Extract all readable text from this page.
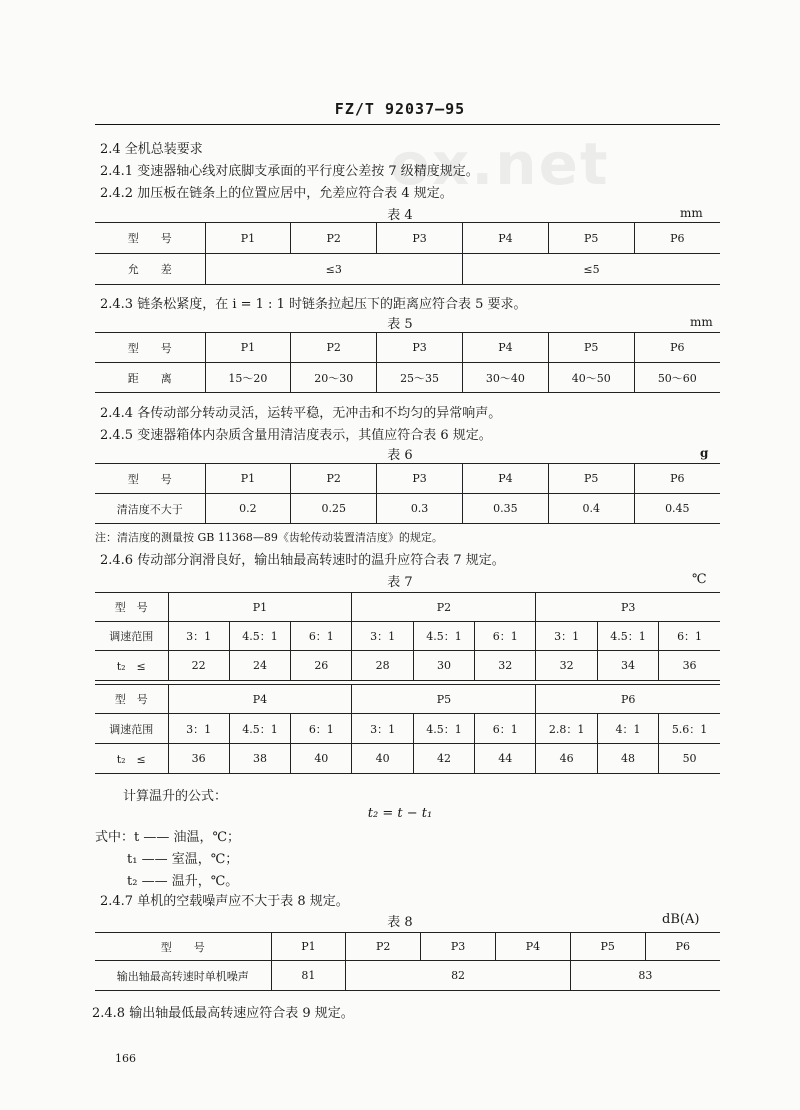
ox.net
FZ/T 92037—95
2.4 全机总装要求
2.4.1 变速器轴心线对底脚支承面的平行度公差按 7 级精度规定。
2.4.2 加压板在链条上的位置应居中，允差应符合表 4 规定。
表 4	mm
型　　号	P1	P2	P3	P4	P5	P6
允　　差	≤3			≤5		
2.4.3 链条松紧度，在 i = 1 : 1 时链条拉起压下的距离应符合表 5 要求。
表 5	mm
型　　号	P1	P2	P3	P4	P5	P6
距　　离	15～20	20～30	25～35	30～40	40～50	50～60
2.4.4 各传动部分转动灵活，运转平稳，无冲击和不均匀的异常响声。
2.4.5 变速器箱体内杂质含量用清洁度表示，其值应符合表 6 规定。
表 6	g
型　　号	P1	P2	P3	P4	P5	P6
清洁度不大于	0.2	0.25	0.3	0.35	0.4	0.45
注：清洁度的测量按 GB 11368—89《齿轮传动装置清洁度》的规定。
2.4.6 传动部分润滑良好，输出轴最高转速时的温升应符合表 7 规定。
表 7	℃
型　号	P1			P2			P3		
调速范围	3：1	4.5：1	6：1	3：1	4.5：1	6：1	3：1	4.5：1	6：1
t₂　≤	22	24	26	28	30	32	32	34	36
型　号	P4			P5			P6		
调速范围	3：1	4.5：1	6：1	3：1	4.5：1	6：1	2.8：1	4：1	5.6：1
t₂　≤	36	38	40	40	42	44	46	48	50
计算温升的公式：
t₂ = t − t₁
式中：t —— 油温，℃；
t₁ —— 室温，℃；
t₂ —— 温升，℃。
2.4.7 单机的空载噪声应不大于表 8 规定。
表 8	dB(A)
型　　号	P1	P2	P3	P4	P5	P6
输出轴最高转速时单机噪声	81	82			83	
2.4.8 输出轴最低最高转速应符合表 9 规定。
166
